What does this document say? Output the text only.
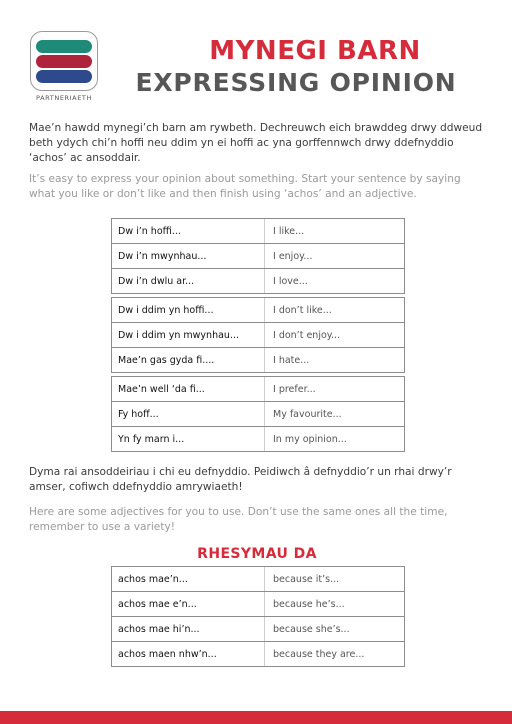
PARTNERIAETH
MYNEGI BARN
EXPRESSING OPINION
Mae’n hawdd mynegi’ch barn am rywbeth. Dechreuwch eich brawddeg drwy ddweud beth ydych chi’n hoffi neu ddim yn ei hoffi ac yna gorffennwch drwy ddefnyddio ‘achos’ ac ansoddair.
It’s easy to express your opinion about something. Start your sentence by saying what you like or don’t like and then finish using ‘achos’ and an adjective.
Dw i’n hoffi...	I like...
Dw i’n mwynhau...	I enjoy...
Dw i’n dwlu ar...	I love...
Dw i ddim yn hoffi...	I don’t like...
Dw i ddim yn mwynhau...	I don’t enjoy...
Mae’n gas gyda fi....	I hate...
Mae’n well ‘da fi...	I prefer...
Fy hoff...	My favourite...
Yn fy marn i...	In my opinion...
Dyma rai ansoddeiriau i chi eu defnyddio. Peidiwch â defnyddio’r un rhai drwy’r amser, cofiwch ddefnyddio amrywiaeth!
Here are some adjectives for you to use. Don’t use the same ones all the time, remember to use a variety!
RHESYMAU DA
achos mae’n...	because it’s...
achos mae e’n...	because he’s...
achos mae hi’n...	because she’s...
achos maen nhw’n...	because they are...
